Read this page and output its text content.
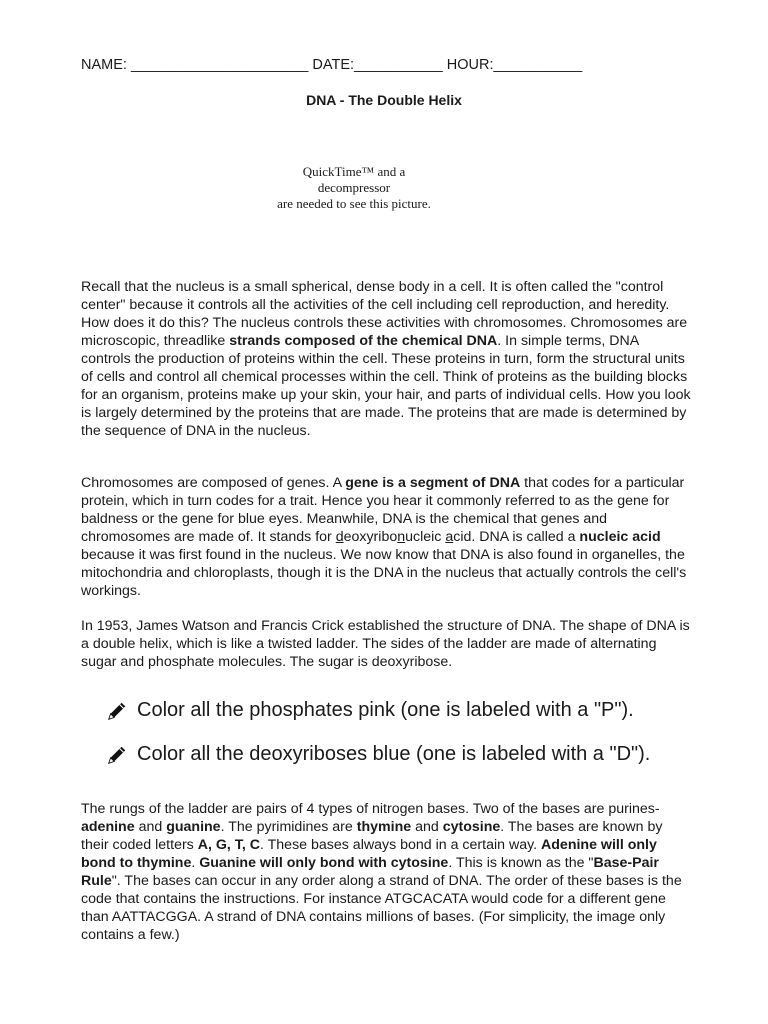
NAME: ______________________ DATE:___________ HOUR:___________
DNA - The Double Helix
QuickTime™ and a
decompressor
are needed to see this picture.

Recall that the nucleus is a small spherical, dense body in a cell. It is often called the "control center" because it controls all the activities of the cell including cell reproduction, and heredity. How does it do this? The nucleus controls these activities with chromosomes. Chromosomes are microscopic, threadlike strands composed of the chemical DNA. In simple terms, DNA controls the production of proteins within the cell. These proteins in turn, form the structural units of cells and control all chemical processes within the cell. Think of proteins as the building blocks for an organism, proteins make up your skin, your hair, and parts of individual cells. How you look is largely determined by the proteins that are made. The proteins that are made is determined by the sequence of DNA in the nucleus.

Chromosomes are composed of genes. A gene is a segment of DNA that codes for a particular protein, which in turn codes for a trait. Hence you hear it commonly referred to as the gene for baldness or the gene for blue eyes. Meanwhile, DNA is the chemical that genes and chromosomes are made of. It stands for deoxyribonucleic acid. DNA is called a nucleic acid because it was first found in the nucleus. We now know that DNA is also found in organelles, the mitochondria and chloroplasts, though it is the DNA in the nucleus that actually controls the cell's workings.

In 1953, James Watson and Francis Crick established the structure of DNA. The shape of DNA is a double helix, which is like a twisted ladder. The sides of the ladder are made of alternating sugar and phosphate molecules. The sugar is deoxyribose.

Color all the phosphates pink (one is labeled with a "P").
Color all the deoxyriboses blue (one is labeled with a "D").

The rungs of the ladder are pairs of 4 types of nitrogen bases. Two of the bases are purines- adenine and guanine. The pyrimidines are thymine and cytosine. The bases are known by their coded letters A, G, T, C. These bases always bond in a certain way. Adenine will only bond to thymine. Guanine will only bond with cytosine. This is known as the "Base-Pair Rule". The bases can occur in any order along a strand of DNA. The order of these bases is the code that contains the instructions. For instance ATGCACATA would code for a different gene than AATTACGGA. A strand of DNA contains millions of bases. (For simplicity, the image only contains a few.)
